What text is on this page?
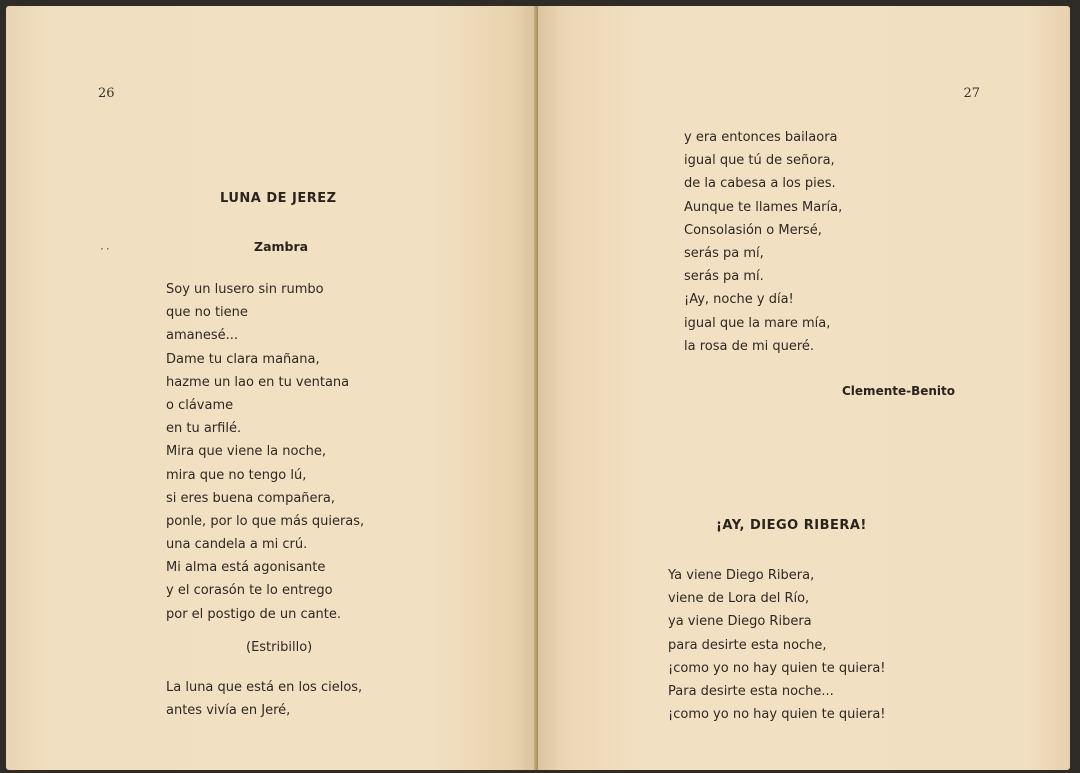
26
··
LUNA DE JEREZ
Zambra
Soy un lusero sin rumbo
que no tiene
amanesé...
Dame tu clara mañana,
hazme un lao en tu ventana
o clávame
en tu arfilé.
Mira que viene la noche,
mira que no tengo lú,
si eres buena compañera,
ponle, por lo que más quieras,
una candela a mi crú.
Mi alma está agonisante
y el corasón te lo entrego
por el postigo de un cante.
(Estribillo)
La luna que está en los cielos,
antes vivía en Jeré,
27
y era entonces bailaora
igual que tú de señora,
de la cabesa a los pies.
Aunque te llames María,
Consolasión o Mersé,
serás pa mí,
serás pa mí.
¡Ay, noche y día!
igual que la mare mía,
la rosa de mi queré.
Clemente-Benito
¡AY, DIEGO RIBERA!
Ya viene Diego Ribera,
viene de Lora del Río,
ya viene Diego Ribera
para desirte esta noche,
¡como yo no hay quien te quiera!
Para desirte esta noche...
¡como yo no hay quien te quiera!
